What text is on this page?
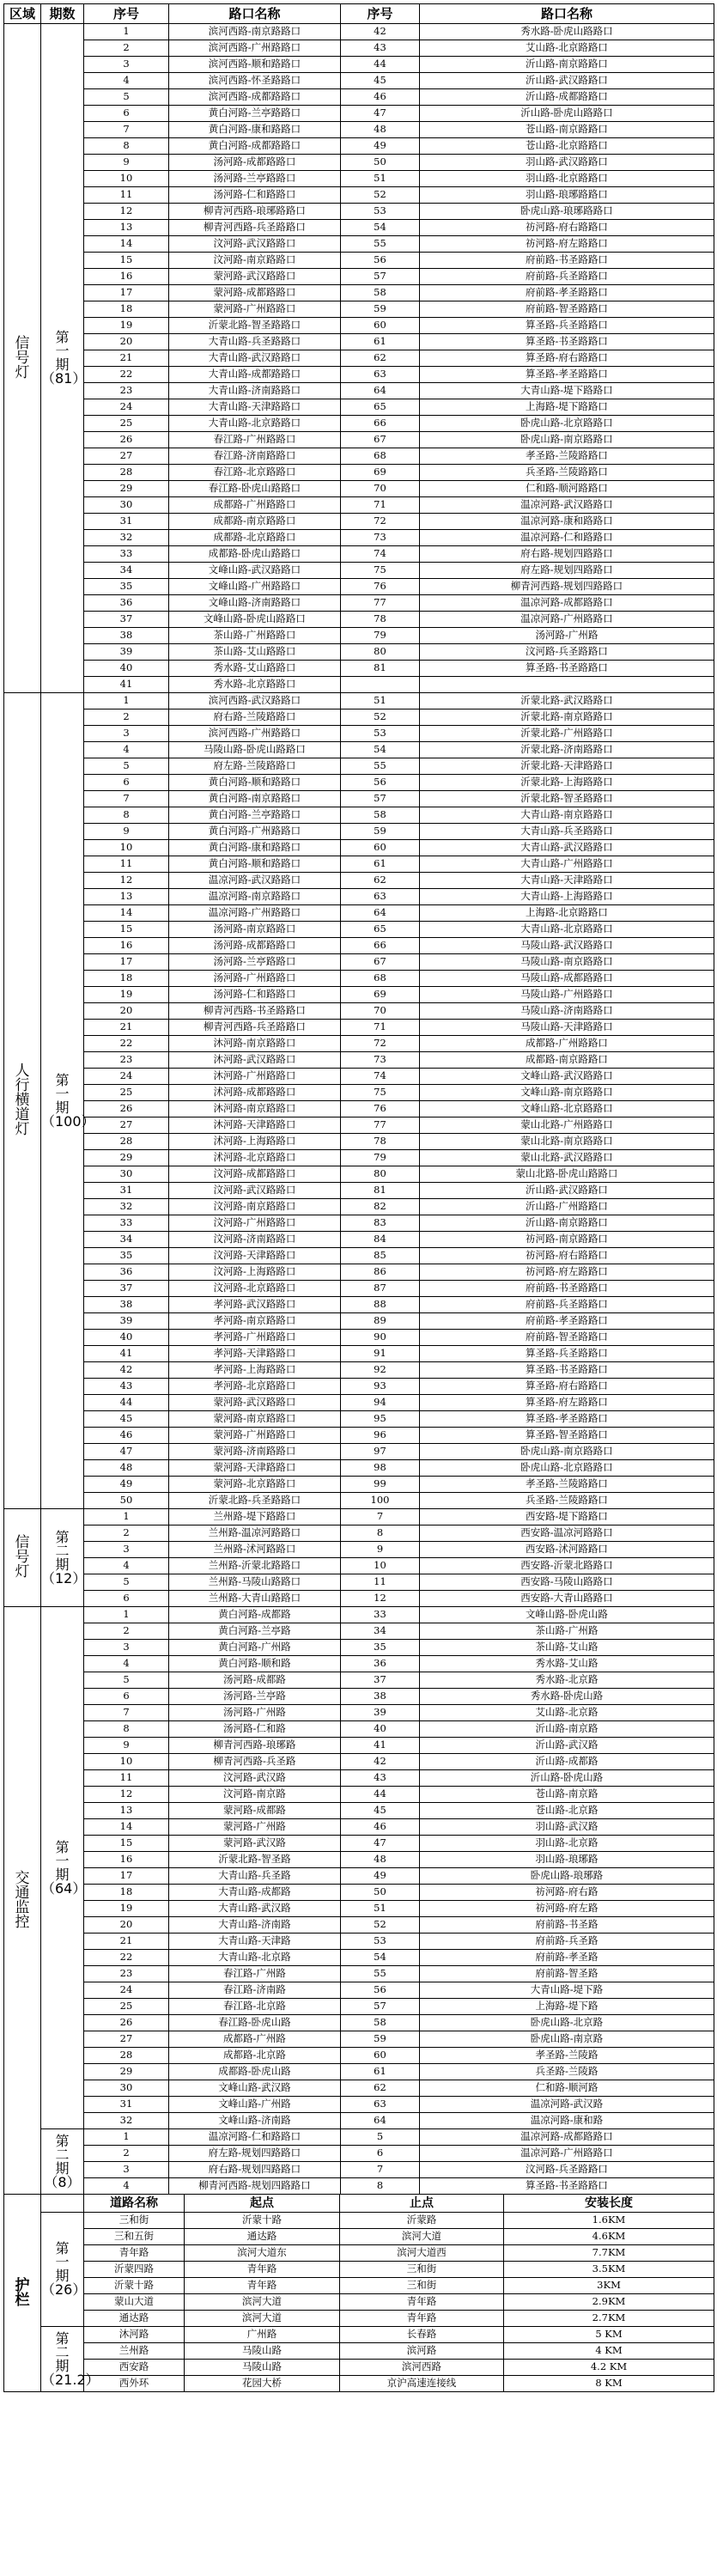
区域	期数	序号	路口名称	序号	路口名称
信
号
灯	第
一
期
（81）	1	滨河西路-南京路路口	42	秀水路-卧虎山路路口
		2	滨河西路-广州路路口	43	艾山路-北京路路口
		3	滨河西路-顺和路路口	44	沂山路-南京路路口
		4	滨河西路-怀圣路路口	45	沂山路-武汉路路口
		5	滨河西路-成都路路口	46	沂山路-成都路路口
		6	黄白河路-兰亭路路口	47	沂山路-卧虎山路路口
		7	黄白河路-康和路路口	48	苍山路-南京路路口
		8	黄白河路-成都路路口	49	苍山路-北京路路口
		9	汤河路-成都路路口	50	羽山路-武汉路路口
		10	汤河路-兰亭路路口	51	羽山路-北京路路口
		11	汤河路-仁和路路口	52	羽山路-琅琊路路口
		12	柳青河西路-琅琊路路口	53	卧虎山路-琅琊路路口
		13	柳青河西路-兵圣路路口	54	祊河路-府右路路口
		14	汶河路-武汉路路口	55	祊河路-府左路路口
		15	汶河路-南京路路口	56	府前路-书圣路路口
		16	蒙河路-武汉路路口	57	府前路-兵圣路路口
		17	蒙河路-成都路路口	58	府前路-孝圣路路口
		18	蒙河路-广州路路口	59	府前路-智圣路路口
		19	沂蒙北路-智圣路路口	60	算圣路-兵圣路路口
		20	大青山路-兵圣路路口	61	算圣路-书圣路路口
		21	大青山路-武汉路路口	62	算圣路-府右路路口
		22	大青山路-成都路路口	63	算圣路-孝圣路路口
		23	大青山路-济南路路口	64	大青山路-堤下路路口
		24	大青山路-天津路路口	65	上海路-堤下路路口
		25	大青山路-北京路路口	66	卧虎山路-北京路路口
		26	春江路-广州路路口	67	卧虎山路-南京路路口
		27	春江路-济南路路口	68	孝圣路-兰陵路路口
		28	春江路-北京路路口	69	兵圣路-兰陵路路口
		29	春江路-卧虎山路路口	70	仁和路-顺河路路口
		30	成都路-广州路路口	71	温凉河路-武汉路路口
		31	成都路-南京路路口	72	温凉河路-康和路路口
		32	成都路-北京路路口	73	温凉河路-仁和路路口
		33	成都路-卧虎山路路口	74	府右路-规划四路路口
		34	文峰山路-武汉路路口	75	府左路-规划四路路口
		35	文峰山路-广州路路口	76	柳青河西路-规划四路路口
		36	文峰山路-济南路路口	77	温凉河路-成都路路口
		37	文峰山路-卧虎山路路口	78	温凉河路-广州路路口
		38	茶山路-广州路路口	79	汤河路-广州路
		39	茶山路-艾山路路口	80	汶河路-兵圣路路口
		40	秀水路-艾山路路口	81	算圣路-书圣路路口
		41	秀水路-北京路路口		
人
行
横
道
灯	第
一
期
（100）	1	滨河西路-武汉路路口	51	沂蒙北路-武汉路路口
		2	府右路-兰陵路路口	52	沂蒙北路-南京路路口
		3	滨河西路-广州路路口	53	沂蒙北路-广州路路口
		4	马陵山路-卧虎山路路口	54	沂蒙北路-济南路路口
		5	府左路-兰陵路路口	55	沂蒙北路-天津路路口
		6	黄白河路-顺和路路口	56	沂蒙北路-上海路路口
		7	黄白河路-南京路路口	57	沂蒙北路-智圣路路口
		8	黄白河路-兰亭路路口	58	大青山路-南京路路口
		9	黄白河路-广州路路口	59	大青山路-兵圣路路口
		10	黄白河路-康和路路口	60	大青山路-武汉路路口
		11	黄白河路-顺和路路口	61	大青山路-广州路路口
		12	温凉河路-武汉路路口	62	大青山路-天津路路口
		13	温凉河路-南京路路口	63	大青山路-上海路路口
		14	温凉河路-广州路路口	64	上海路-北京路路口
		15	汤河路-南京路路口	65	大青山路-北京路路口
		16	汤河路-成都路路口	66	马陵山路-武汉路路口
		17	汤河路-兰亭路路口	67	马陵山路-南京路路口
		18	汤河路-广州路路口	68	马陵山路-成都路路口
		19	汤河路-仁和路路口	69	马陵山路-广州路路口
		20	柳青河西路-书圣路路口	70	马陵山路-济南路路口
		21	柳青河西路-兵圣路路口	71	马陵山路-天津路路口
		22	沐河路-南京路路口	72	成都路-广州路路口
		23	沐河路-武汉路路口	73	成都路-南京路路口
		24	沐河路-广州路路口	74	文峰山路-武汉路路口
		25	沭河路-成都路路口	75	文峰山路-南京路路口
		26	沐河路-南京路路口	76	文峰山路-北京路路口
		27	沐河路-天津路路口	77	蒙山北路-广州路路口
		28	沭河路-上海路路口	78	蒙山北路-南京路路口
		29	沭河路-北京路路口	79	蒙山北路-武汉路路口
		30	汶河路-成都路路口	80	蒙山北路-卧虎山路路口
		31	汶河路-武汉路路口	81	沂山路-武汉路路口
		32	汶河路-南京路路口	82	沂山路-广州路路口
		33	汶河路-广州路路口	83	沂山路-南京路路口
		34	汶河路-济南路路口	84	祊河路-南京路路口
		35	汶河路-天津路路口	85	祊河路-府右路路口
		36	汶河路-上海路路口	86	祊河路-府左路路口
		37	汶河路-北京路路口	87	府前路-书圣路路口
		38	孝河路-武汉路路口	88	府前路-兵圣路路口
		39	孝河路-南京路路口	89	府前路-孝圣路路口
		40	孝河路-广州路路口	90	府前路-智圣路路口
		41	孝河路-天津路路口	91	算圣路-兵圣路路口
		42	孝河路-上海路路口	92	算圣路-书圣路路口
		43	孝河路-北京路路口	93	算圣路-府右路路口
		44	蒙河路-武汉路路口	94	算圣路-府左路路口
		45	蒙河路-南京路路口	95	算圣路-孝圣路路口
		46	蒙河路-广州路路口	96	算圣路-智圣路路口
		47	蒙河路-济南路路口	97	卧虎山路-南京路路口
		48	蒙河路-天津路路口	98	卧虎山路-北京路路口
		49	蒙河路-北京路路口	99	孝圣路-兰陵路路口
		50	沂蒙北路-兵圣路路口	100	兵圣路-兰陵路路口
信
号
灯	第
二
期
（12）	1	兰州路-堤下路路口	7	西安路-堤下路路口
		2	兰州路-温凉河路路口	8	西安路-温凉河路路口
		3	兰州路-沭河路路口	9	西安路-沭河路路口
		4	兰州路-沂蒙北路路口	10	西安路-沂蒙北路路口
		5	兰州路-马陵山路路口	11	西安路-马陵山路路口
		6	兰州路-大青山路路口	12	西安路-大青山路路口
交
通
监
控	第
一
期
（64）	1	黄白河路-成都路	33	文峰山路-卧虎山路
		2	黄白河路-兰亭路	34	茶山路-广州路
		3	黄白河路-广州路	35	茶山路-艾山路
		4	黄白河路-顺和路	36	秀水路-艾山路
		5	汤河路-成都路	37	秀水路-北京路
		6	汤河路-兰亭路	38	秀水路-卧虎山路
		7	汤河路-广州路	39	艾山路-北京路
		8	汤河路-仁和路	40	沂山路-南京路
		9	柳青河西路-琅琊路	41	沂山路-武汉路
		10	柳青河西路-兵圣路	42	沂山路-成都路
		11	汶河路-武汉路	43	沂山路-卧虎山路
		12	汶河路-南京路	44	苍山路-南京路
		13	蒙河路-成都路	45	苍山路-北京路
		14	蒙河路-广州路	46	羽山路-武汉路
		15	蒙河路-武汉路	47	羽山路-北京路
		16	沂蒙北路-智圣路	48	羽山路-琅琊路
		17	大青山路-兵圣路	49	卧虎山路-琅琊路
		18	大青山路-成都路	50	祊河路-府右路
		19	大青山路-武汉路	51	祊河路-府左路
		20	大青山路-济南路	52	府前路-书圣路
		21	大青山路-天津路	53	府前路-兵圣路
		22	大青山路-北京路	54	府前路-孝圣路
		23	春江路-广州路	55	府前路-智圣路
		24	春江路-济南路	56	大青山路-堤下路
		25	春江路-北京路	57	上海路-堤下路
		26	春江路-卧虎山路	58	卧虎山路-北京路
		27	成都路-广州路	59	卧虎山路-南京路
		28	成都路-北京路	60	孝圣路-兰陵路
		29	成都路-卧虎山路	61	兵圣路-兰陵路
		30	文峰山路-武汉路	62	仁和路-顺河路
		31	文峰山路-广州路	63	温凉河路-武汉路
		32	文峰山路-济南路	64	温凉河路-康和路
	第
二
期
（8）	1	温凉河路-仁和路路口	5	温凉河路-成都路路口
		2	府左路-规划四路路口	6	温凉河路-广州路路口
		3	府右路-规划四路路口	7	汶河路-兵圣路路口
		4	柳青河西路-规划四路路口	8	算圣路-书圣路路口
护
栏		道路名称	起点	止点	安装长度
	第
一
期
（26）	三和街	沂蒙十路	沂蒙路	1.6KM
		三和五街	通达路	滨河大道	4.6KM
		青年路	滨河大道东	滨河大道西	7.7KM
		沂蒙四路	青年路	三和街	3.5KM
		沂蒙十路	青年路	三和街	3KM
		蒙山大道	滨河大道	青年路	2.9KM
		通达路	滨河大道	青年路	2.7KM
	第
二
期
（21.2）	沐河路	广州路	长春路	5 KM
		兰州路	马陵山路	滨河路	4 KM
		西安路	马陵山路	滨河西路	4.2 KM
		西外环	花园大桥	京沪高速连接线	8 KM
